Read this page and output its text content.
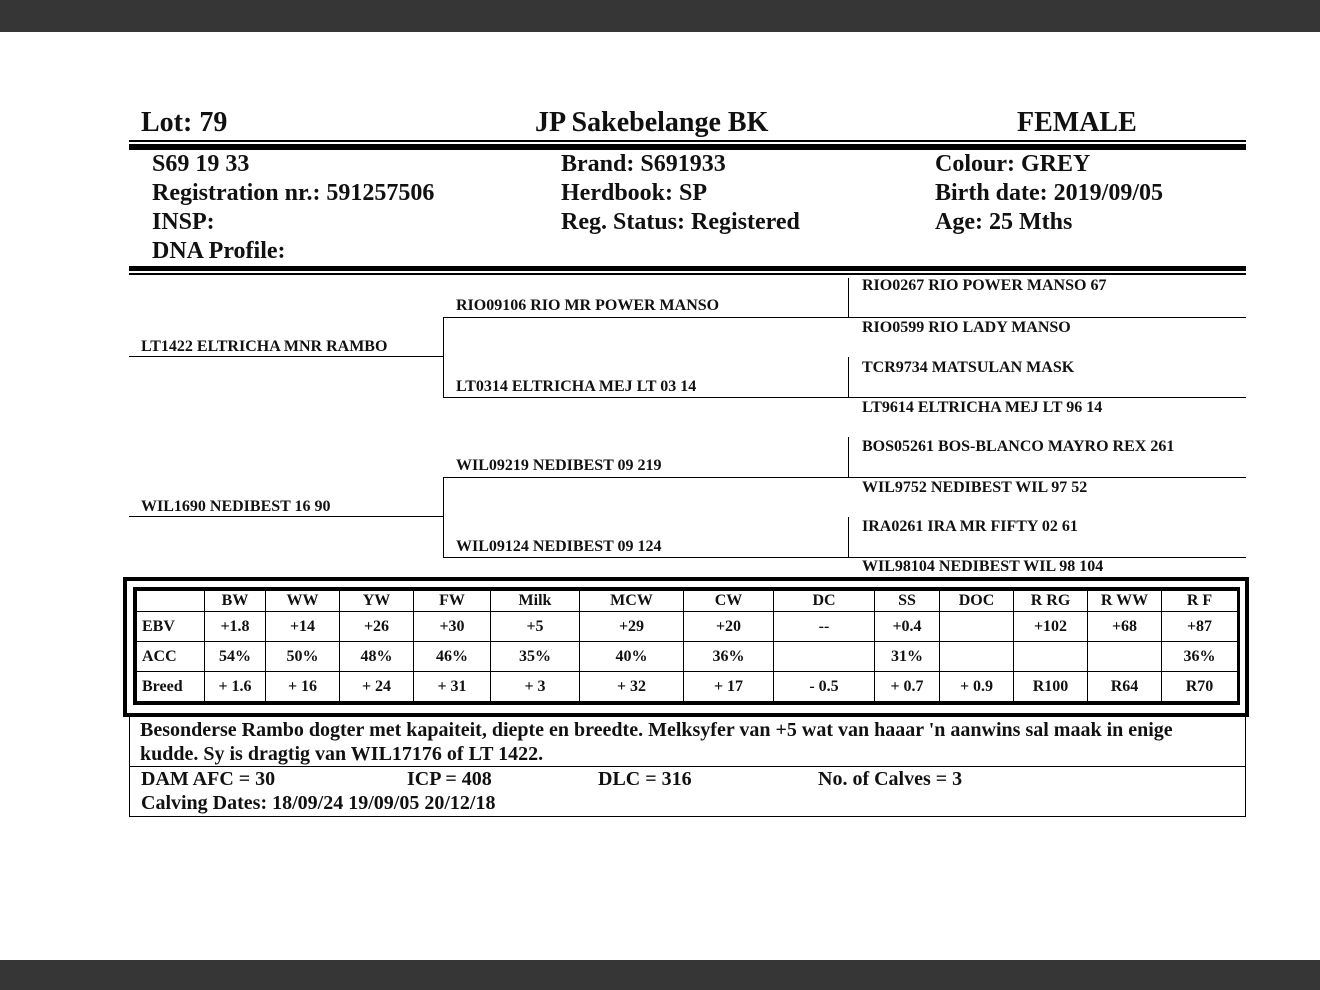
Lot: 79	JP Sakebelange BK	FEMALE
S69 19 33
Registration nr.: 591257506
INSP:
DNA Profile:
Brand: S691933
Herdbook: SP
Reg. Status: Registered
Colour: GREY
Birth date: 2019/09/05
Age: 25 Mths
LT1422 ELTRICHA MNR RAMBO
WIL1690 NEDIBEST 16 90
RIO09106 RIO MR POWER MANSO
LT0314 ELTRICHA MEJ LT 03 14
WIL09219 NEDIBEST 09 219
WIL09124 NEDIBEST 09 124
RIO0267 RIO POWER MANSO 67
RIO0599 RIO LADY MANSO
TCR9734 MATSULAN MASK
LT9614 ELTRICHA MEJ LT 96 14
BOS05261 BOS-BLANCO MAYRO REX 261
WIL9752 NEDIBEST WIL 97 52
IRA0261 IRA MR FIFTY 02 61
WIL98104 NEDIBEST WIL 98 104
	BW	WW	YW	FW	Milk	MCW	CW	DC	SS	DOC	R RG	R WW	R F
EBV	+1.8	+14	+26	+30	+5	+29	+20	--	+0.4		+102	+68	+87
ACC	54%	50%	48%	46%	35%	40%	36%		31%				36%
Breed	+ 1.6	+ 16	+ 24	+ 31	+ 3	+ 32	+ 17	- 0.5	+ 0.7	+ 0.9	R100	R64	R70
Besonderse Rambo dogter met kapaiteit, diepte en breedte. Melksyfer van +5 wat van haaar 'n aanwins sal maak in enige kudde. Sy is dragtig van WIL17176 of LT 1422.
DAM AFC = 30	ICP = 408	DLC = 316	No. of Calves = 3
Calving Dates: 18/09/24 19/09/05 20/12/18
